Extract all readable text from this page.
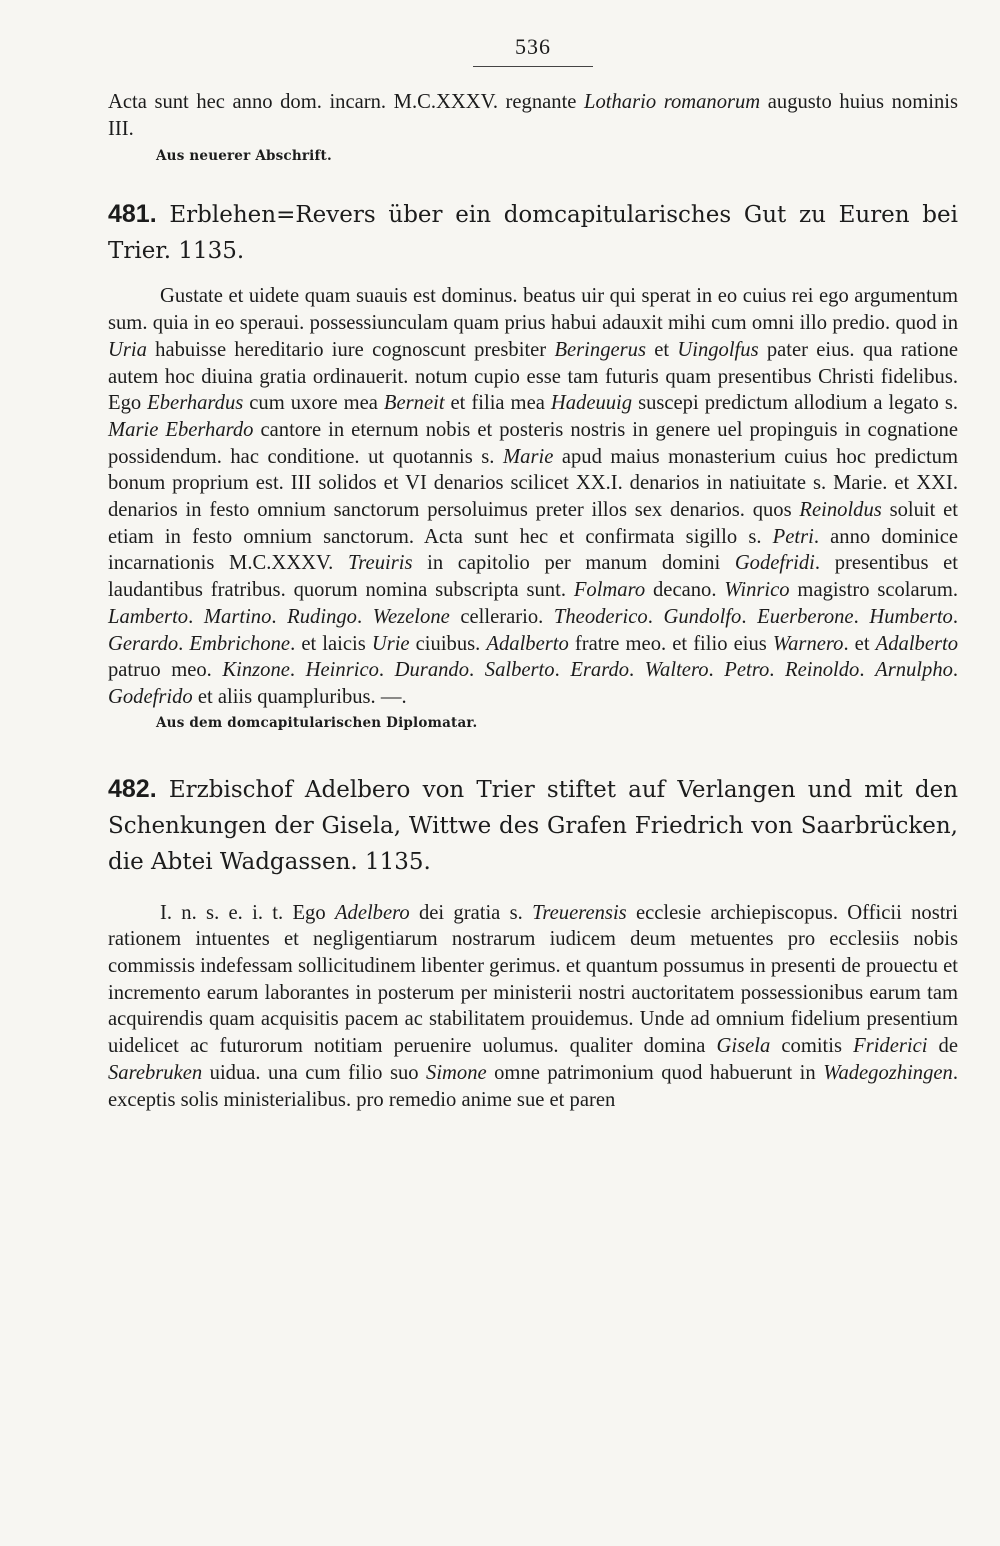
536

Acta sunt hec anno dom. incarn. M.C.XXXV. regnante Lothario romanorum augusto huius nominis III.

Aus neuerer Abschrift.

481. Erblehen=Revers über ein domcapitularisches Gut zu Euren bei Trier. 1135.

Gustate et uidete quam suauis est dominus. beatus uir qui sperat in eo cuius rei ego argumentum sum. quia in eo speraui. possessiunculam quam prius habui adauxit mihi cum omni illo predio. quod in Uria habuisse hereditario iure cognoscunt presbiter Beringerus et Uingolfus pater eius. qua ratione autem hoc diuina gratia ordinauerit. notum cupio esse tam futuris quam presentibus Christi fidelibus. Ego Eberhardus cum uxore mea Berneit et filia mea Hadeuuig suscepi predictum allodium a legato s. Marie Eberhardo cantore in eternum nobis et posteris nostris in genere uel propinguis in cognatione possidendum. hac conditione. ut quotannis s. Marie apud maius monasterium cuius hoc predictum bonum proprium est. III solidos et VI denarios scilicet XX.I. denarios in natiuitate s. Marie. et XXI. denarios in festo omnium sanctorum persoluimus preter illos sex denarios. quos Reinoldus soluit et etiam in festo omnium sanctorum. Acta sunt hec et confirmata sigillo s. Petri. anno dominice incarnationis M.C.XXXV. Treuiris in capitolio per manum domini Godefridi. presentibus et laudantibus fratribus. quorum nomina subscripta sunt. Folmaro decano. Winrico magistro scolarum. Lamberto. Martino. Rudingo. Wezelone cellerario. Theoderico. Gundolfo. Euerberone. Humberto. Gerardo. Embrichone. et laicis Urie ciuibus. Adalberto fratre meo. et filio eius Warnero. et Adalberto patruo meo. Kinzone. Heinrico. Durando. Salberto. Erardo. Waltero. Petro. Reinoldo. Arnulpho. Godefrido et aliis quampluribus. —.

Aus dem domcapitularischen Diplomatar.

482. Erzbischof Adelbero von Trier stiftet auf Verlangen und mit den Schenkungen der Gisela, Wittwe des Grafen Friedrich von Saarbrücken, die Abtei Wadgassen. 1135.

I. n. s. e. i. t. Ego Adelbero dei gratia s. Treuerensis ecclesie archiepiscopus. Officii nostri rationem intuentes et negligentiarum nostrarum iudicem deum metuentes pro ecclesiis nobis commissis indefessam sollicitudinem libenter gerimus. et quantum possumus in presenti de prouectu et incremento earum laborantes in posterum per ministerii nostri auctoritatem possessionibus earum tam acquirendis quam acquisitis pacem ac stabilitatem prouidemus. Unde ad omnium fidelium presentium uidelicet ac futurorum notitiam peruenire uolumus. qualiter domina Gisela comitis Friderici de Sarebruken uidua. una cum filio suo Simone omne patrimonium quod habuerunt in Wadegozhingen. exceptis solis ministerialibus. pro remedio anime sue et paren
